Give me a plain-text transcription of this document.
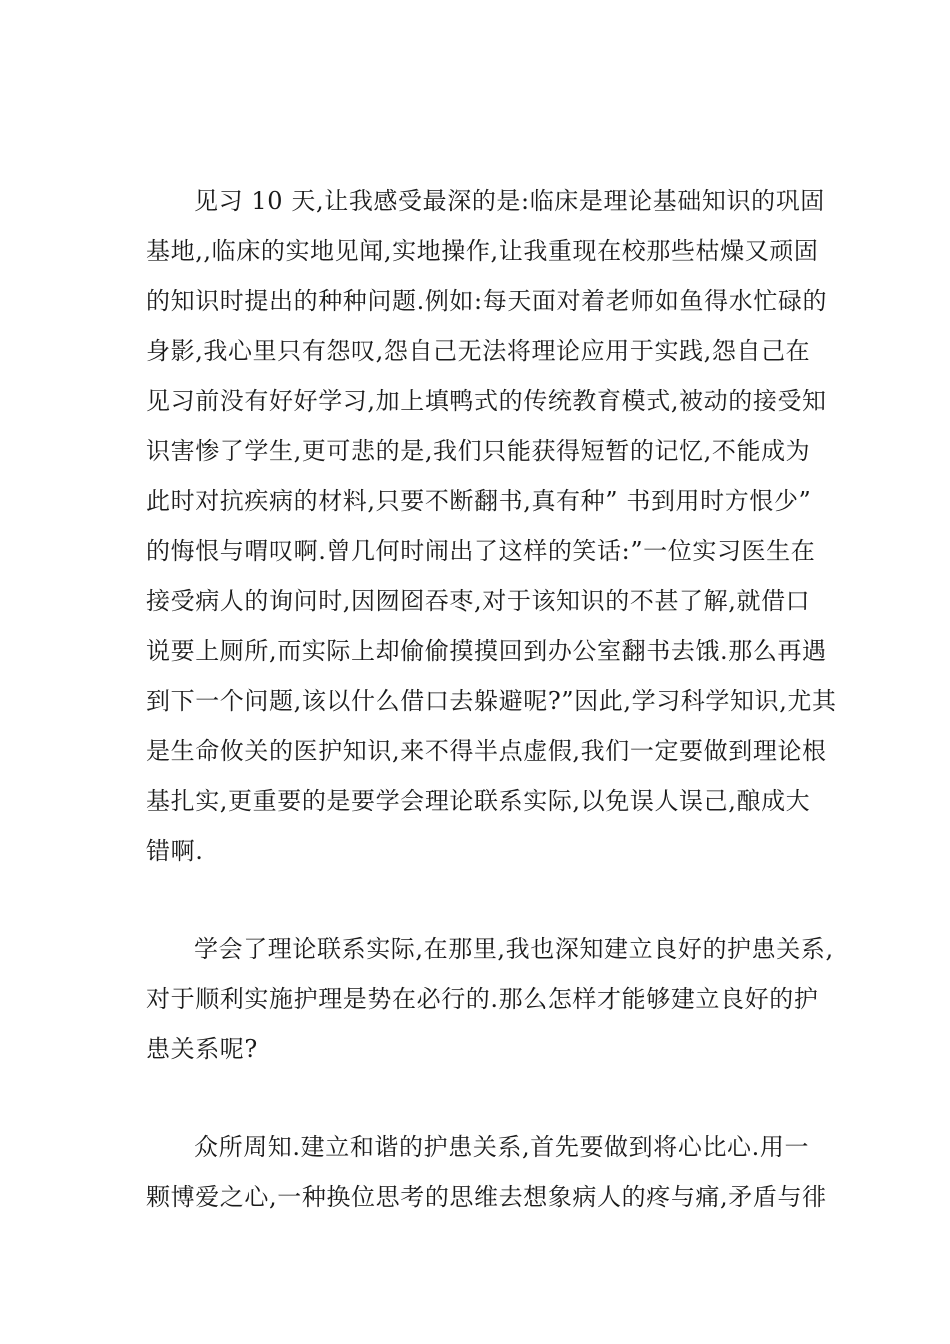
见习 10 天,让我感受最深的是:临床是理论基础知识的巩固
基地,,临床的实地见闻,实地操作,让我重现在校那些枯燥又顽固
的知识时提出的种种问题.例如:每天面对着老师如鱼得水忙碌的
身影,我心里只有怨叹,怨自己无法将理论应用于实践,怨自己在
见习前没有好好学习,加上填鸭式的传统教育模式,被动的接受知
识害惨了学生,更可悲的是,我们只能获得短暂的记忆,不能成为
此时对抗疾病的材料,只要不断翻书,真有种” 书到用时方恨少”
的悔恨与喟叹啊.曾几何时闹出了这样的笑话:”一位实习医生在
接受病人的询问时,因囫囵吞枣,对于该知识的不甚了解,就借口
说要上厕所,而实际上却偷偷摸摸回到办公室翻书去饿.那么再遇
到下一个问题,该以什么借口去躲避呢?”因此,学习科学知识,尤其
是生命攸关的医护知识,来不得半点虚假,我们一定要做到理论根
基扎实,更重要的是要学会理论联系实际,以免误人误己,酿成大
错啊.
学会了理论联系实际,在那里,我也深知建立良好的护患关系,
对于顺利实施护理是势在必行的.那么怎样才能够建立良好的护
患关系呢?
众所周知.建立和谐的护患关系,首先要做到将心比心.用一
颗博爱之心,一种换位思考的思维去想象病人的疼与痛,矛盾与徘
